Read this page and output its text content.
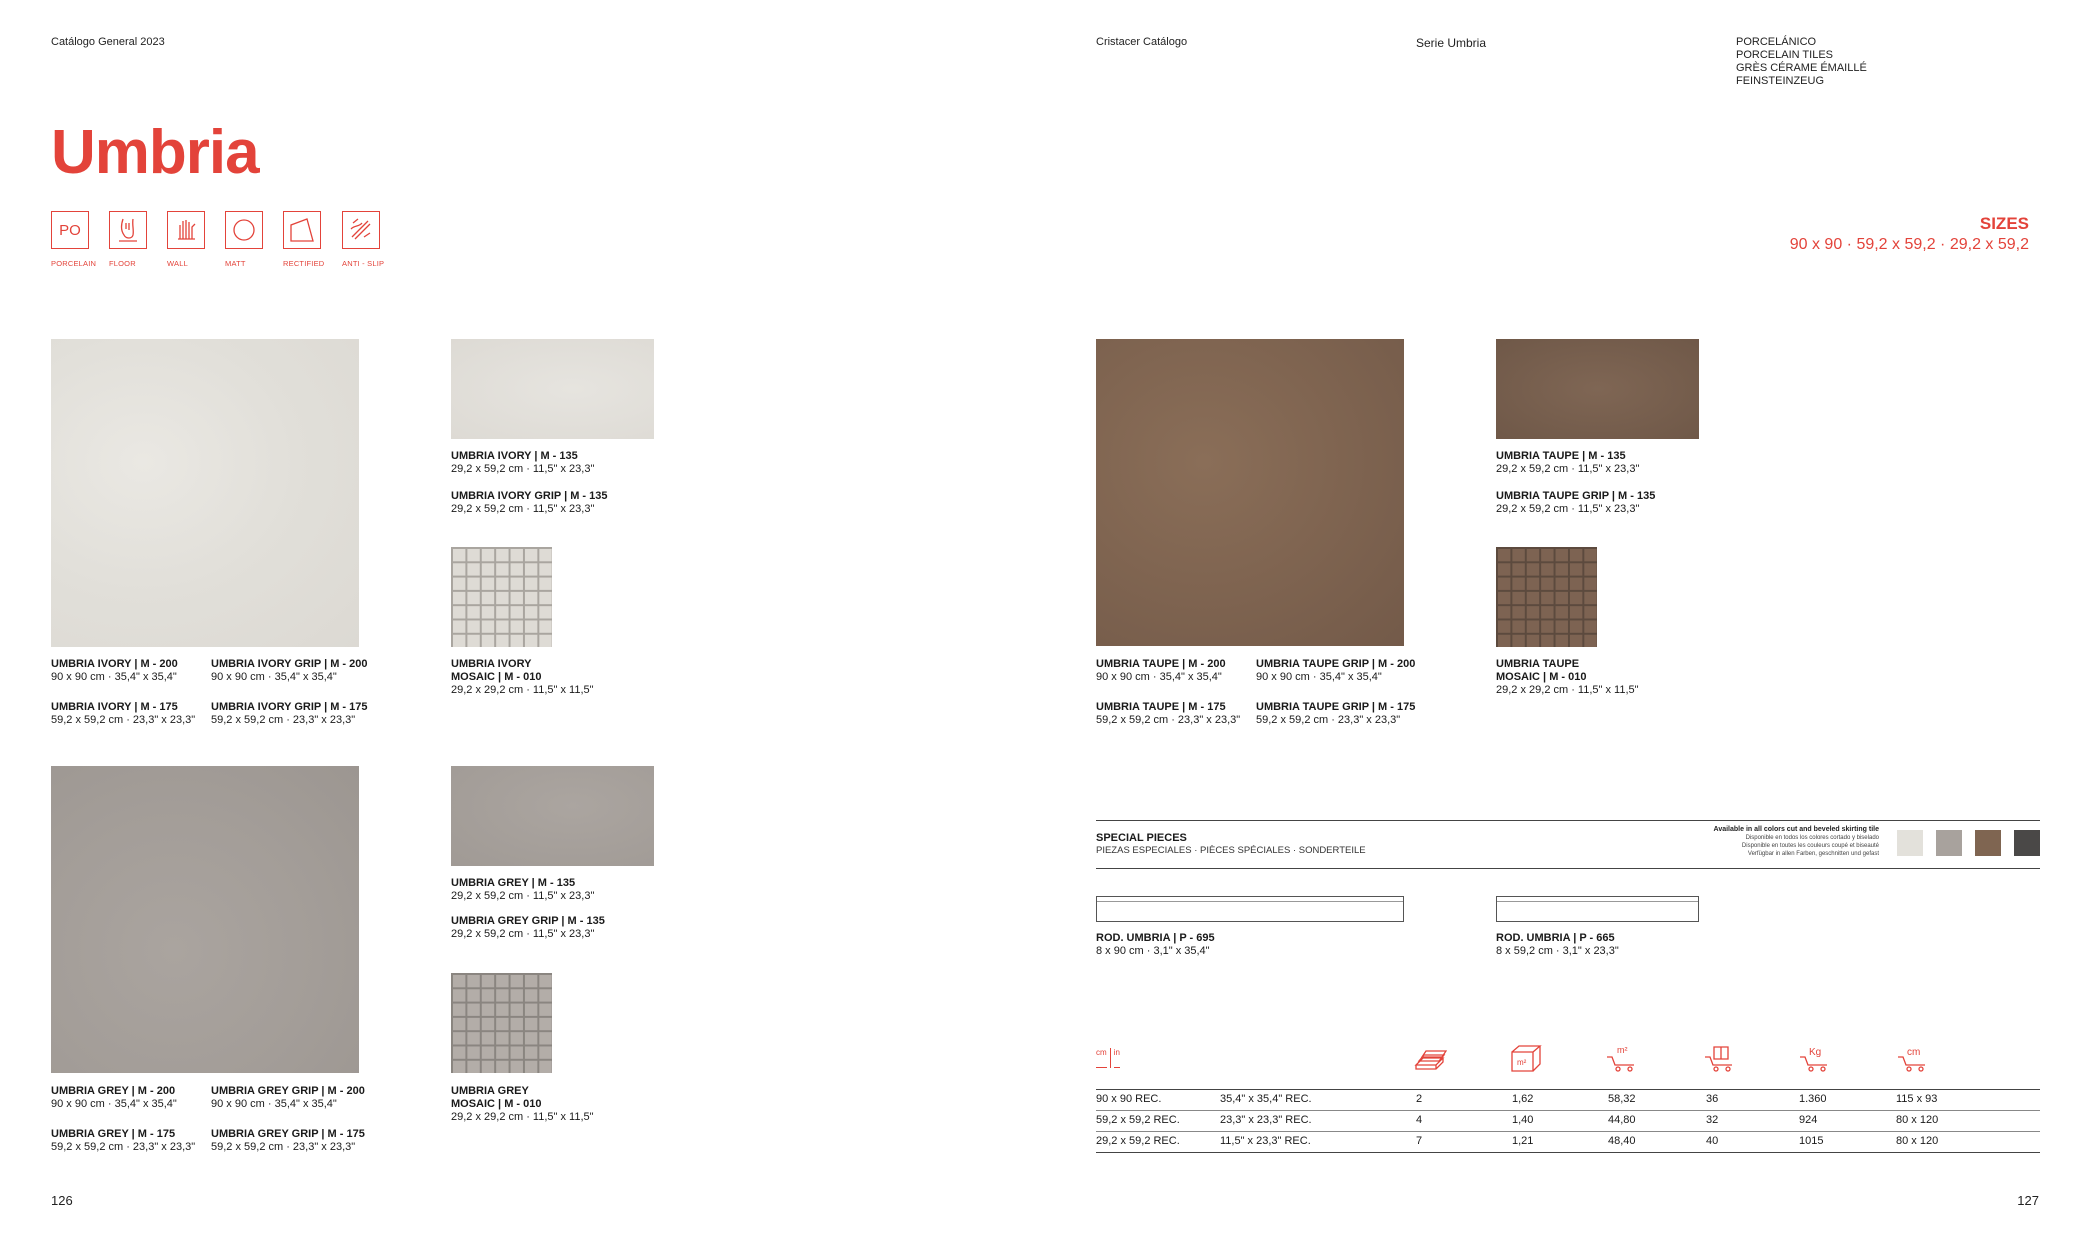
Catálogo General 2023	Cristacer Catálogo	Serie Umbria	PORCELÁNICO
PORCELAIN TILES
GRÈS CÉRAME ÉMAILLÉ
FEINSTEINZEUG
Umbria
PO
PORCELAIN FLOOR	WALL	MATT	RECTIFIED ANTI - SLIP
SIZES
90 x 90 · 59,2 x 59,2 · 29,2 x 59,2
UMBRIA IVORY | M - 200
90 x 90 cm · 35,4" x 35,4"
UMBRIA IVORY GRIP | M - 200
90 x 90 cm · 35,4" x 35,4"
UMBRIA IVORY | M - 175
59,2 x 59,2 cm · 23,3" x 23,3"
UMBRIA IVORY GRIP | M - 175
59,2 x 59,2 cm · 23,3" x 23,3"
UMBRIA IVORY | M - 135
29,2 x 59,2 cm · 11,5" x 23,3"
UMBRIA IVORY GRIP | M - 135
29,2 x 59,2 cm · 11,5" x 23,3"
UMBRIA IVORY
MOSAIC | M - 010
29,2 x 29,2 cm · 11,5" x 11,5"
UMBRIA GREY | M - 200
90 x 90 cm · 35,4" x 35,4"
UMBRIA GREY GRIP | M - 200
90 x 90 cm · 35,4" x 35,4"
UMBRIA GREY | M - 175
59,2 x 59,2 cm · 23,3" x 23,3"
UMBRIA GREY GRIP | M - 175
59,2 x 59,2 cm · 23,3" x 23,3"
UMBRIA GREY | M - 135
29,2 x 59,2 cm · 11,5" x 23,3"
UMBRIA GREY GRIP | M - 135
29,2 x 59,2 cm · 11,5" x 23,3"
UMBRIA GREY
MOSAIC | M - 010
29,2 x 29,2 cm · 11,5" x 11,5"
UMBRIA TAUPE | M - 200
90 x 90 cm · 35,4" x 35,4"
UMBRIA TAUPE GRIP | M - 200
90 x 90 cm · 35,4" x 35,4"
UMBRIA TAUPE | M - 175
59,2 x 59,2 cm · 23,3" x 23,3"
UMBRIA TAUPE GRIP | M - 175
59,2 x 59,2 cm · 23,3" x 23,3"
UMBRIA TAUPE | M - 135
29,2 x 59,2 cm · 11,5" x 23,3"
UMBRIA TAUPE GRIP | M - 135
29,2 x 59,2 cm · 11,5" x 23,3"
UMBRIA TAUPE
MOSAIC | M - 010
29,2 x 29,2 cm · 11,5" x 11,5"
SPECIAL PIECES
PIEZAS ESPECIALES · PIÈCES SPÉCIALES · SONDERTEILE
Available in all colors cut and beveled skirting tile
Disponible en todos los colores cortado y biselado
Disponible en toutes les couleurs coupé et biseauté
Verfügbar in allen Farben, geschnitten und gefast
ROD. UMBRIA | P - 695
8 x 90 cm · 3,1" x 35,4"
ROD. UMBRIA | P - 665
8 x 59,2 cm · 3,1" x 23,3"
cm in
m²
m²	Kg	cm
90 x 90 REC.	35,4" x 35,4" REC.	2	1,62	58,32	36	1.360	115 x 93
59,2 x 59,2 REC.	23,3" x 23,3" REC.	4	1,40	44,80	32	924	80 x 120
29,2 x 59,2 REC.	11,5" x 23,3" REC.	7	1,21	48,40	40	1015	80 x 120
126	127
